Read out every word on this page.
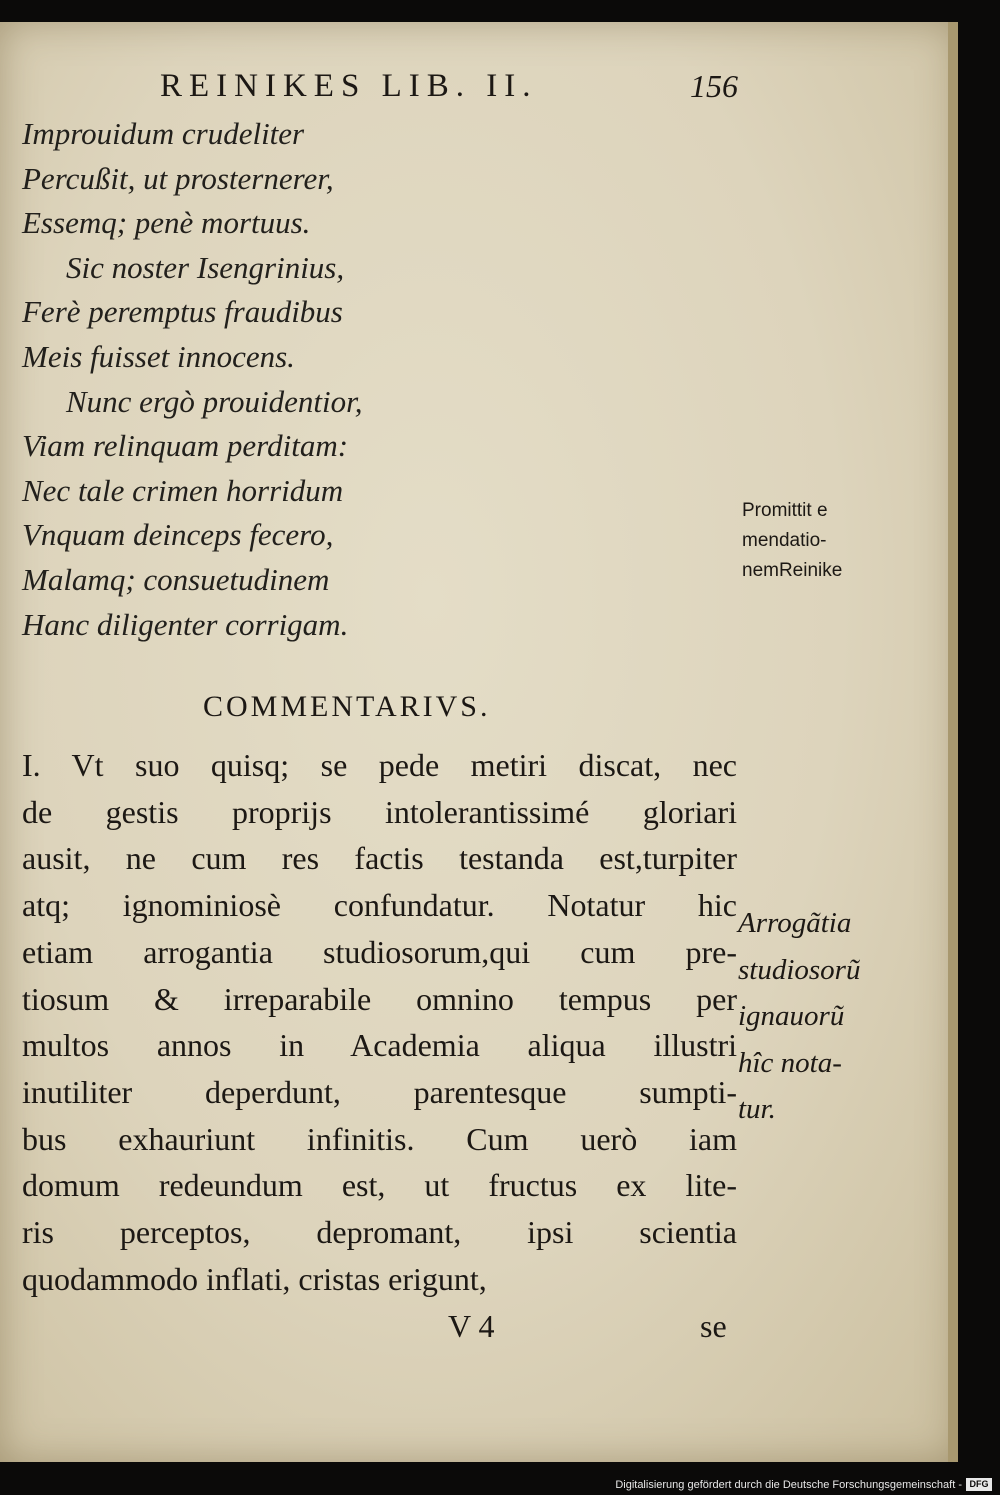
REINIKES LIB. II.	156
Improuidum crudeliter
Percußit, ut prosternerer,
Essemq; penè mortuus.
Sic noster Isengrinius,
Ferè peremptus fraudibus
Meis fuisset innocens.
Nunc ergò prouidentior,
Viam relinquam perditam:
Nec tale crimen horridum
Vnquam deinceps fecero,
Malamq; consuetudinem
Hanc diligenter corrigam.
Promittit e
mendatio-
nemReinike
COMMENTARIVS.
I. Vt suo quisq; se pede metiri discat, nec
de gestis proprijs intolerantissimé gloriari
ausit, ne cum res factis testanda est,turpiter
atq; ignominiosè confundatur. Notatur hic
etiam arrogantia studiosorum,qui cum pre-
tiosum & irreparabile omnino tempus per
multos annos in Academia aliqua illustri
inutiliter deperdunt, parentesque sumpti-
bus exhauriunt infinitis. Cum uerò iam
domum redeundum est, ut fructus ex lite-
ris perceptos, depromant, ipsi scientia
quodammodo inflati, cristas erigunt,
Arrogãtia
studiosorũ
ignauorũ
hîc nota-
tur.
V 4	se
Digitalisierung gefördert durch die Deutsche Forschungsgemeinschaft - DFG
